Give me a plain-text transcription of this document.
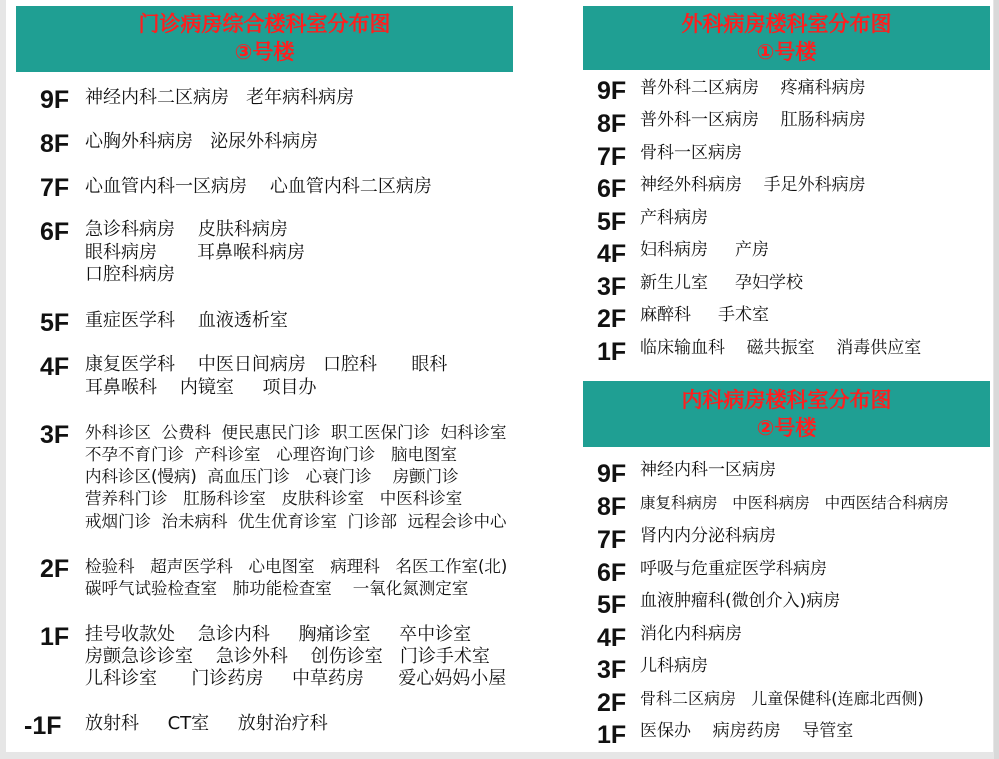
门诊病房综合楼科室分布图
③号楼
外科病房楼科室分布图
①号楼
内科病房楼科室分布图
②号楼
9F 神经内科二区病房   老年病科病房
8F 心胸外科病房   泌尿外科病房
7F 心血管内科一区病房    心血管内科二区病房
6F 急诊科病房    皮肤科病房
眼科病房       耳鼻喉科病房
口腔科病房
5F 重症医学科    血液透析室
4F 康复医学科    中医日间病房   口腔科      眼科
耳鼻喉科    内镜室     项目办
3F 外科诊区  公费科  便民惠民门诊  职工医保门诊  妇科诊室
不孕不育门诊  产科诊室   心理咨询门诊   脑电图室
内科诊区(慢病)  高血压门诊   心衰门诊    房颤门诊
营养科门诊   肛肠科诊室   皮肤科诊室   中医科诊室
戒烟门诊  治未病科  优生优育诊室  门诊部  远程会诊中心
2F 检验科   超声医学科   心电图室   病理科   名医工作室(北)
碳呼气试验检查室   肺功能检查室    一氧化氮测定室
1F 挂号收款处    急诊内科     胸痛诊室     卒中诊室
房颤急诊诊室    急诊外科    创伤诊室   门诊手术室
儿科诊室      门诊药房     中草药房      爱心妈妈小屋
-1F 放射科     CT室     放射治疗科
9F 普外科二区病房    疼痛科病房
8F 普外科一区病房    肛肠科病房
7F 骨科一区病房
6F 神经外科病房    手足外科病房
5F 产科病房
4F 妇科病房     产房
3F 新生儿室     孕妇学校
2F 麻醉科     手术室
1F 临床输血科    磁共振室    消毒供应室
9F 神经内科一区病房
8F 康复科病房   中医科病房   中西医结合科病房
7F 肾内内分泌科病房
6F 呼吸与危重症医学科病房
5F 血液肿瘤科(微创介入)病房
4F 消化内科病房
3F 儿科病房
2F 骨科二区病房   儿童保健科(连廊北西侧)
1F 医保办    病房药房    导管室
